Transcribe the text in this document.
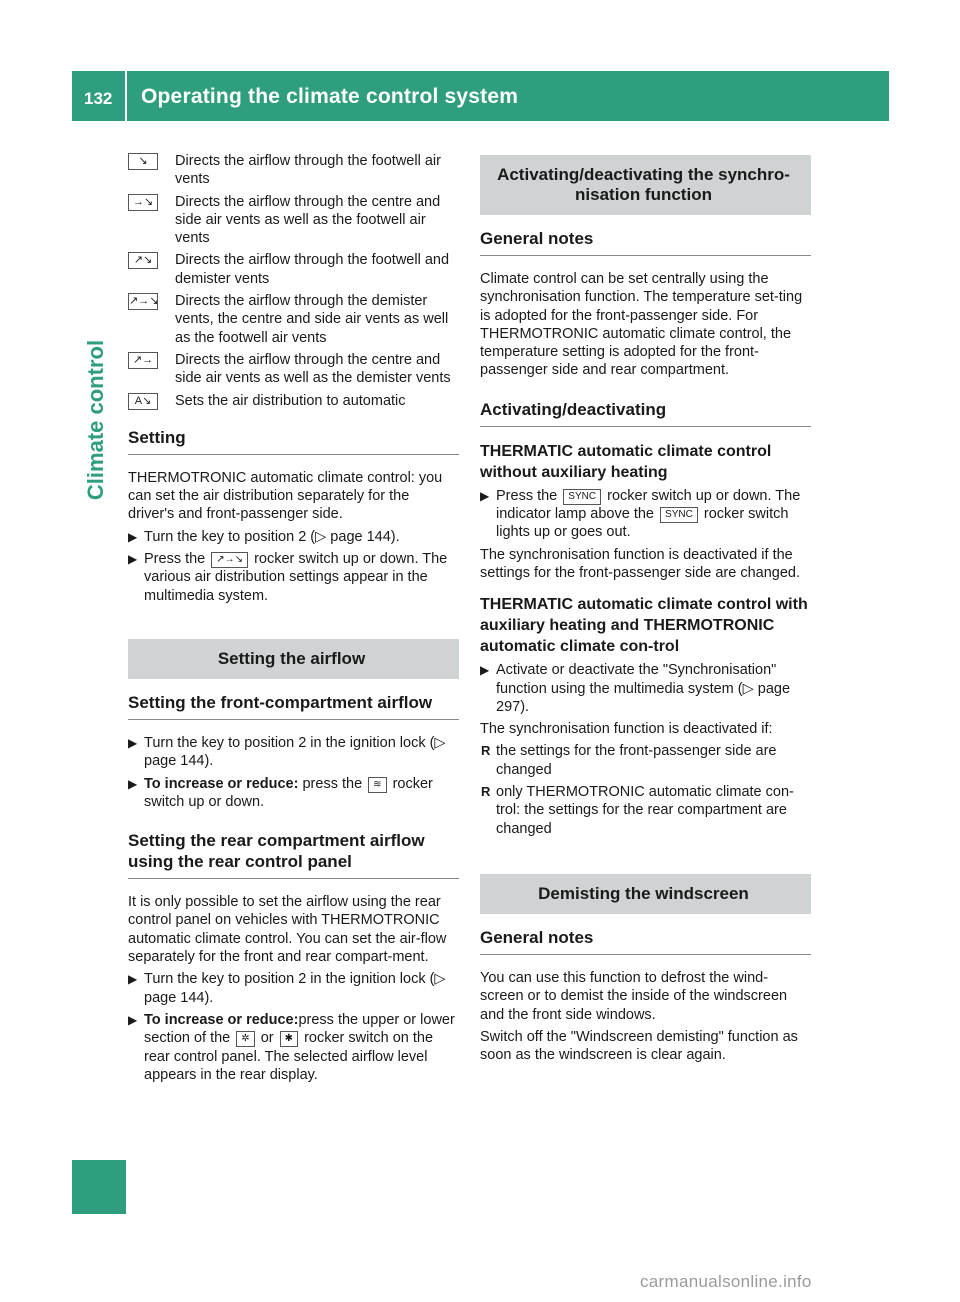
132 Operating the climate control system
Climate control
↘	Directs the airflow through the footwell air vents
→↘	Directs the airflow through the centre and side air vents as well as the footwell air vents
↗↘	Directs the airflow through the footwell and demister vents
↗→↘ Directs the airflow through the demister vents, the centre and side air vents as well as the footwell air vents
↗→	Directs the airflow through the centre and side air vents as well as the demister vents
A↘	Sets the air distribution to automatic
Setting

THERMOTRONIC automatic climate control: you can set the air distribution separately for the driver's and front-passenger side.

▶ Turn the key to position 2 (▷ page 144).
▶ Press the ↗→↘ rocker switch up or down. The various air distribution settings appear in the multimedia system.
Setting the airflow
Setting the front-compartment airflow
▶ Turn the key to position 2 in the ignition lock (▷ page 144).
▶ To increase or reduce: press the ≋ rocker switch up or down.
Setting the rear compartment airflow using the rear control panel

It is only possible to set the airflow using the rear control panel on vehicles with THERMOTRONIC automatic climate control. You can set the air-flow separately for the front and rear compart-ment.

▶ Turn the key to position 2 in the ignition lock (▷ page 144).
▶ To increase or reduce:press the upper or lower section of the ✲ or ✱ rocker switch on the rear control panel. The selected airflow level appears in the rear display.
Activating/deactivating the synchro-nisation function
General notes

Climate control can be set centrally using the synchronisation function. The temperature set-ting is adopted for the front-passenger side. For THERMOTRONIC automatic climate control, the temperature setting is adopted for the front-passenger side and rear compartment.

Activating/deactivating
THERMATIC automatic climate control without auxiliary heating
▶ Press the SYNC rocker switch up or down. The indicator lamp above the SYNC rocker switch lights up or goes out.

The synchronisation function is deactivated if the settings for the front-passenger side are changed.

THERMATIC automatic climate control with auxiliary heating and THERMOTRONIC automatic climate con-trol
▶ Activate or deactivate the "Synchronisation" function using the multimedia system (▷ page 297).

The synchronisation function is deactivated if:

R the settings for the front-passenger side are changed
R only THERMOTRONIC automatic climate con-trol: the settings for the rear compartment are changed
Demisting the windscreen
General notes

You can use this function to defrost the wind-screen or to demist the inside of the windscreen and the front side windows.

Switch off the "Windscreen demisting" function as soon as the windscreen is clear again.

carmanualsonline.info
